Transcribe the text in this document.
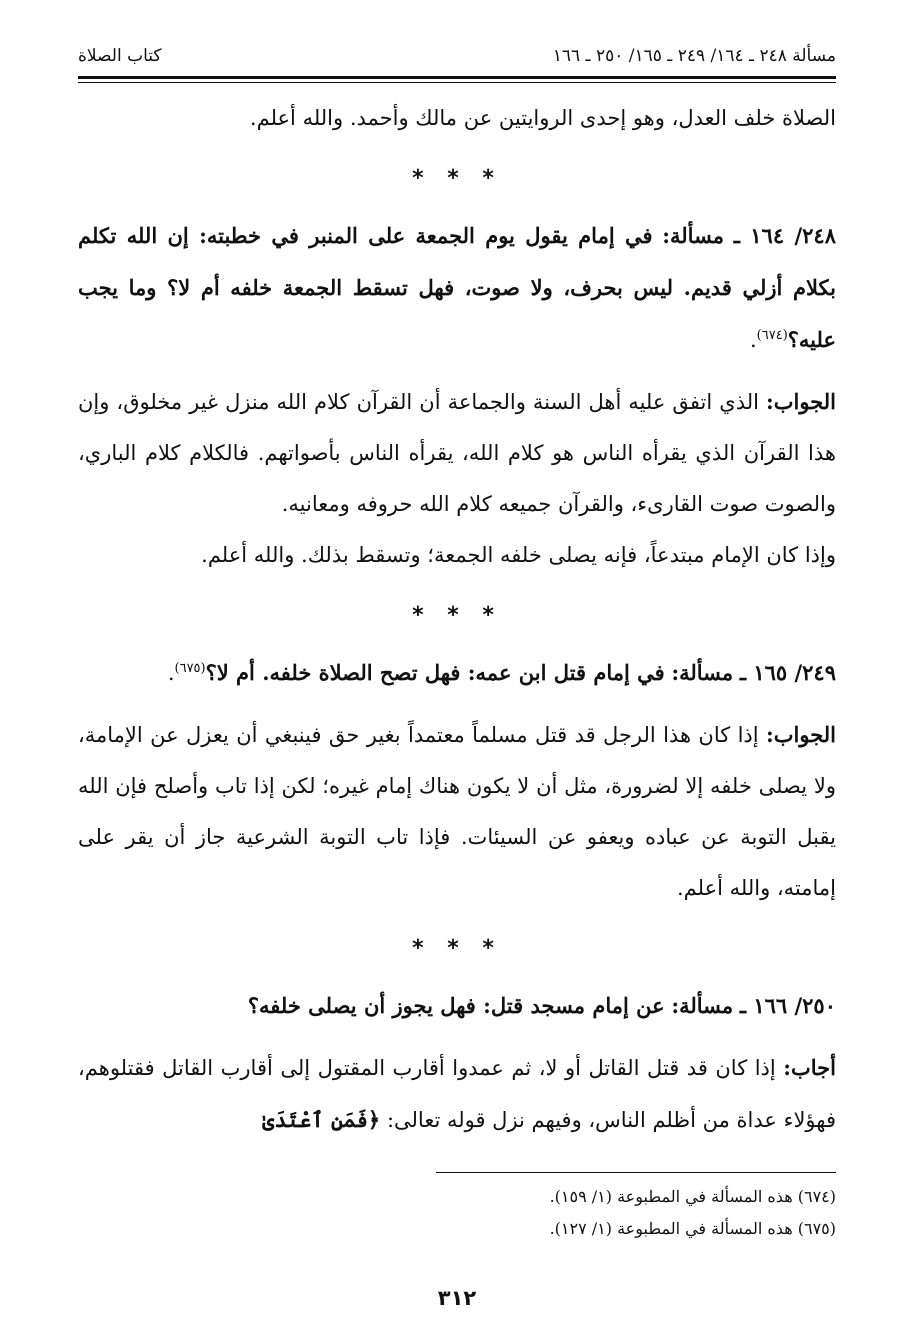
مسألة ٢٤٨ ـ ١٦٤/ ٢٤٩ ـ ١٦٥/ ٢٥٠ ـ ١٦٦
كتاب الصلاة

الصلاة خلف العدل، وهو إحدى الروايتين عن مالك وأحمد. والله أعلم.

* * *

٢٤٨/ ١٦٤ ـ مسألة: في إمام يقول يوم الجمعة على المنبر في خطبته: إن الله تكلم بكلام أزلي قديم. ليس بحرف، ولا صوت، فهل تسقط الجمعة خلفه أم لا؟ وما يجب عليه؟$^{(٦٧٤)}$.

الجواب: الذي اتفق عليه أهل السنة والجماعة أن القرآن كلام الله منزل غير مخلوق، وإن هذا القرآن الذي يقرأه الناس هو كلام الله، يقرأه الناس بأصواتهم. فالكلام كلام الباري، والصوت صوت القارىء، والقرآن جميعه كلام الله حروفه ومعانيه.

وإذا كان الإمام مبتدعاً، فإنه يصلى خلفه الجمعة؛ وتسقط بذلك. والله أعلم.

* * *

٢٤٩/ ١٦٥ ـ مسألة: في إمام قتل ابن عمه: فهل تصح الصلاة خلفه. أم لا؟$^{(٦٧٥)}$.

الجواب: إذا كان هذا الرجل قد قتل مسلماً معتمداً بغير حق فينبغي أن يعزل عن الإمامة، ولا يصلى خلفه إلا لضرورة، مثل أن لا يكون هناك إمام غيره؛ لكن إذا تاب وأصلح فإن الله يقبل التوبة عن عباده ويعفو عن السيئات. فإذا تاب التوبة الشرعية جاز أن يقر على إمامته، والله أعلم.

* * *

٢٥٠/ ١٦٦ ـ مسألة: عن إمام مسجد قتل: فهل يجوز أن يصلى خلفه؟

أجاب: إذا كان قد قتل القاتل أو لا، ثم عمدوا أقارب المقتول إلى أقارب القاتل فقتلوهم، فهؤلاء عداة من أظلم الناس، وفيهم نزل قوله تعالى: ﴿فَمَنِ ٱعْتَدَىٰ

(٦٧٤) هذه المسألة في المطبوعة (١/ ١٥٩).

(٦٧٥) هذه المسألة في المطبوعة (١/ ١٢٧).

٣١٢
